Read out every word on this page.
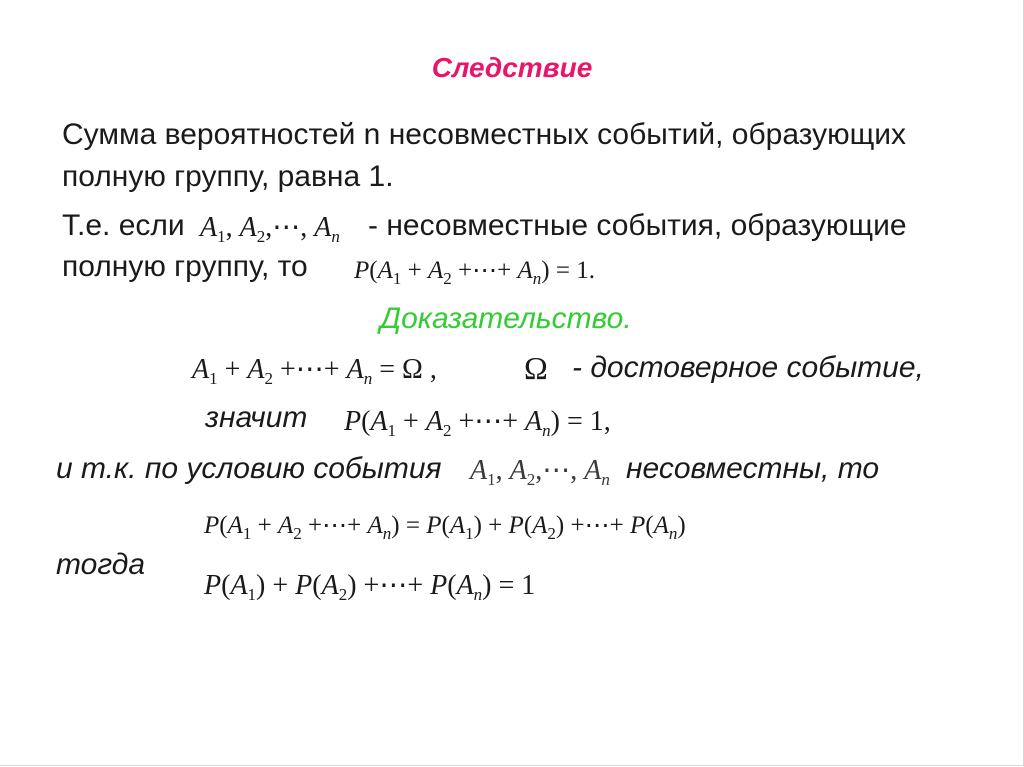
Следствие
Сумма вероятностей n несовместных событий, образующих
полную группу, равна 1.
Т.е. если $A_1$, $A_2,\cdots$, $A_n$ - несовместные события, образующие
полную группу, то $P(A_1 + A_2$ +⋯+ $A_n) = 1$.
Доказательство.
$A_1 + A_2$ +⋯+ $A_n = \Omega$ ,	Ω - достоверное событие,
значит $P(A_1 + A_2$ +⋯+ $A_n) = 1$,
и т.к. по условию события $A_1$, $A_2,\cdots$, $A_n$ несовместны, то
$P(A_1 + A_2$ +⋯+ $A_n) = P(A_1) + P(A_2)$ +⋯+ $P(A_n)$
тогда
$P(A_1) + P(A_2)$ +⋯+ $P(A_n) = 1$
